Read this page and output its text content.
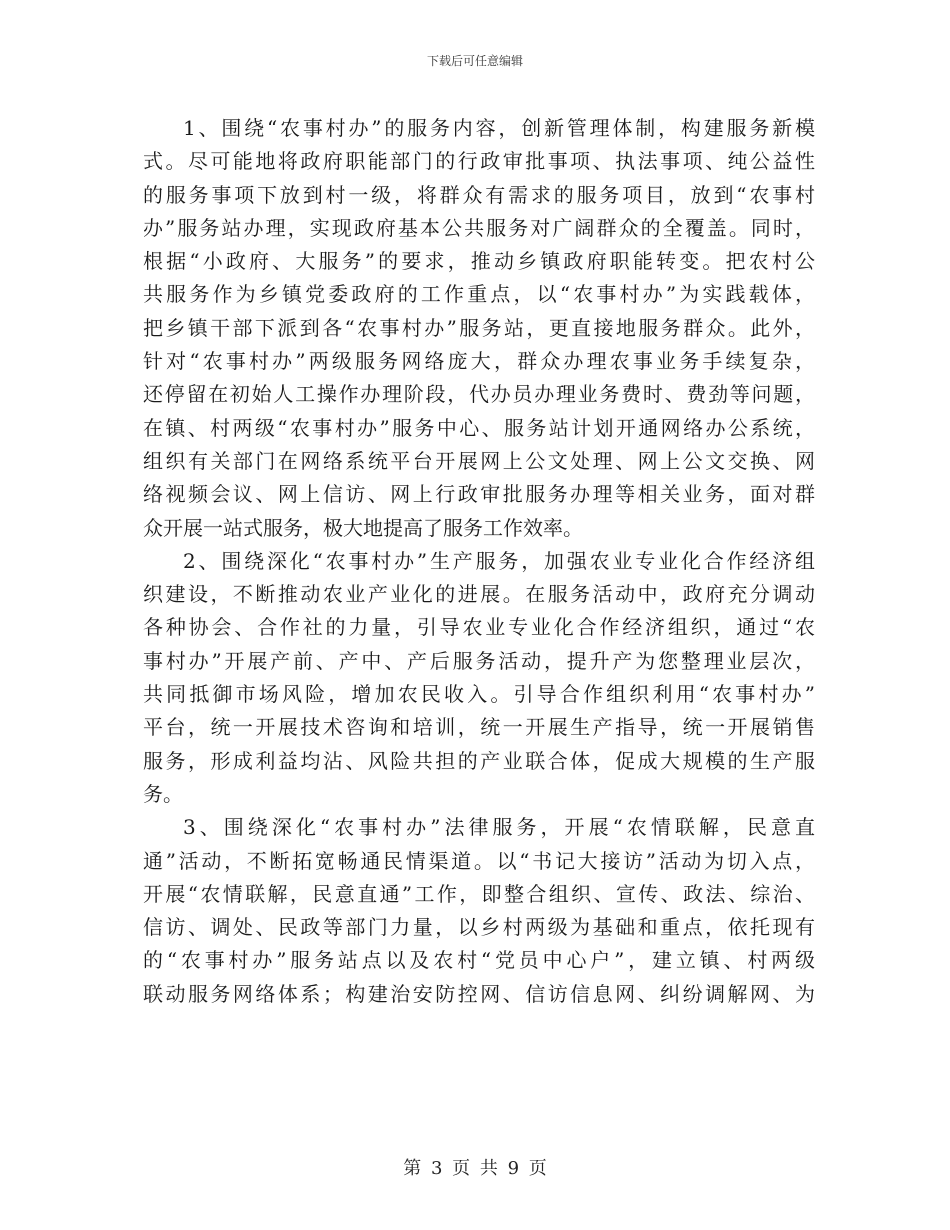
下载后可任意编辑

1、围绕“农事村办”的服务内容，创新管理体制，构建服务新模
式。尽可能地将政府职能部门的行政审批事项、执法事项、纯公益性
的服务事项下放到村一级，将群众有需求的服务项目，放到“农事村
办”服务站办理，实现政府基本公共服务对广阔群众的全覆盖。同时，
根据“小政府、大服务”的要求，推动乡镇政府职能转变。把农村公
共服务作为乡镇党委政府的工作重点，以“农事村办”为实践载体，
把乡镇干部下派到各“农事村办”服务站，更直接地服务群众。此外，
针对“农事村办”两级服务网络庞大，群众办理农事业务手续复杂，
还停留在初始人工操作办理阶段，代办员办理业务费时、费劲等问题，
在镇、村两级“农事村办”服务中心、服务站计划开通网络办公系统，
组织有关部门在网络系统平台开展网上公文处理、网上公文交换、网
络视频会议、网上信访、网上行政审批服务办理等相关业务，面对群
众开展一站式服务，极大地提高了服务工作效率。

2、围绕深化“农事村办”生产服务，加强农业专业化合作经济组
织建设，不断推动农业产业化的进展。在服务活动中，政府充分调动
各种协会、合作社的力量，引导农业专业化合作经济组织，通过“农
事村办”开展产前、产中、产后服务活动，提升产为您整理业层次，
共同抵御市场风险，增加农民收入。引导合作组织利用“农事村办”
平台，统一开展技术咨询和培训，统一开展生产指导，统一开展销售
服务，形成利益均沾、风险共担的产业联合体，促成大规模的生产服
务。

3、围绕深化“农事村办”法律服务，开展“农情联解，民意直
通”活动，不断拓宽畅通民情渠道。以“书记大接访”活动为切入点，
开展“农情联解，民意直通”工作，即整合组织、宣传、政法、综治、
信访、调处、民政等部门力量，以乡村两级为基础和重点，依托现有
的“农事村办”服务站点以及农村“党员中心户”，建立镇、村两级
联动服务网络体系；构建治安防控网、信访信息网、纠纷调解网、为

第 3 页 共 9 页
